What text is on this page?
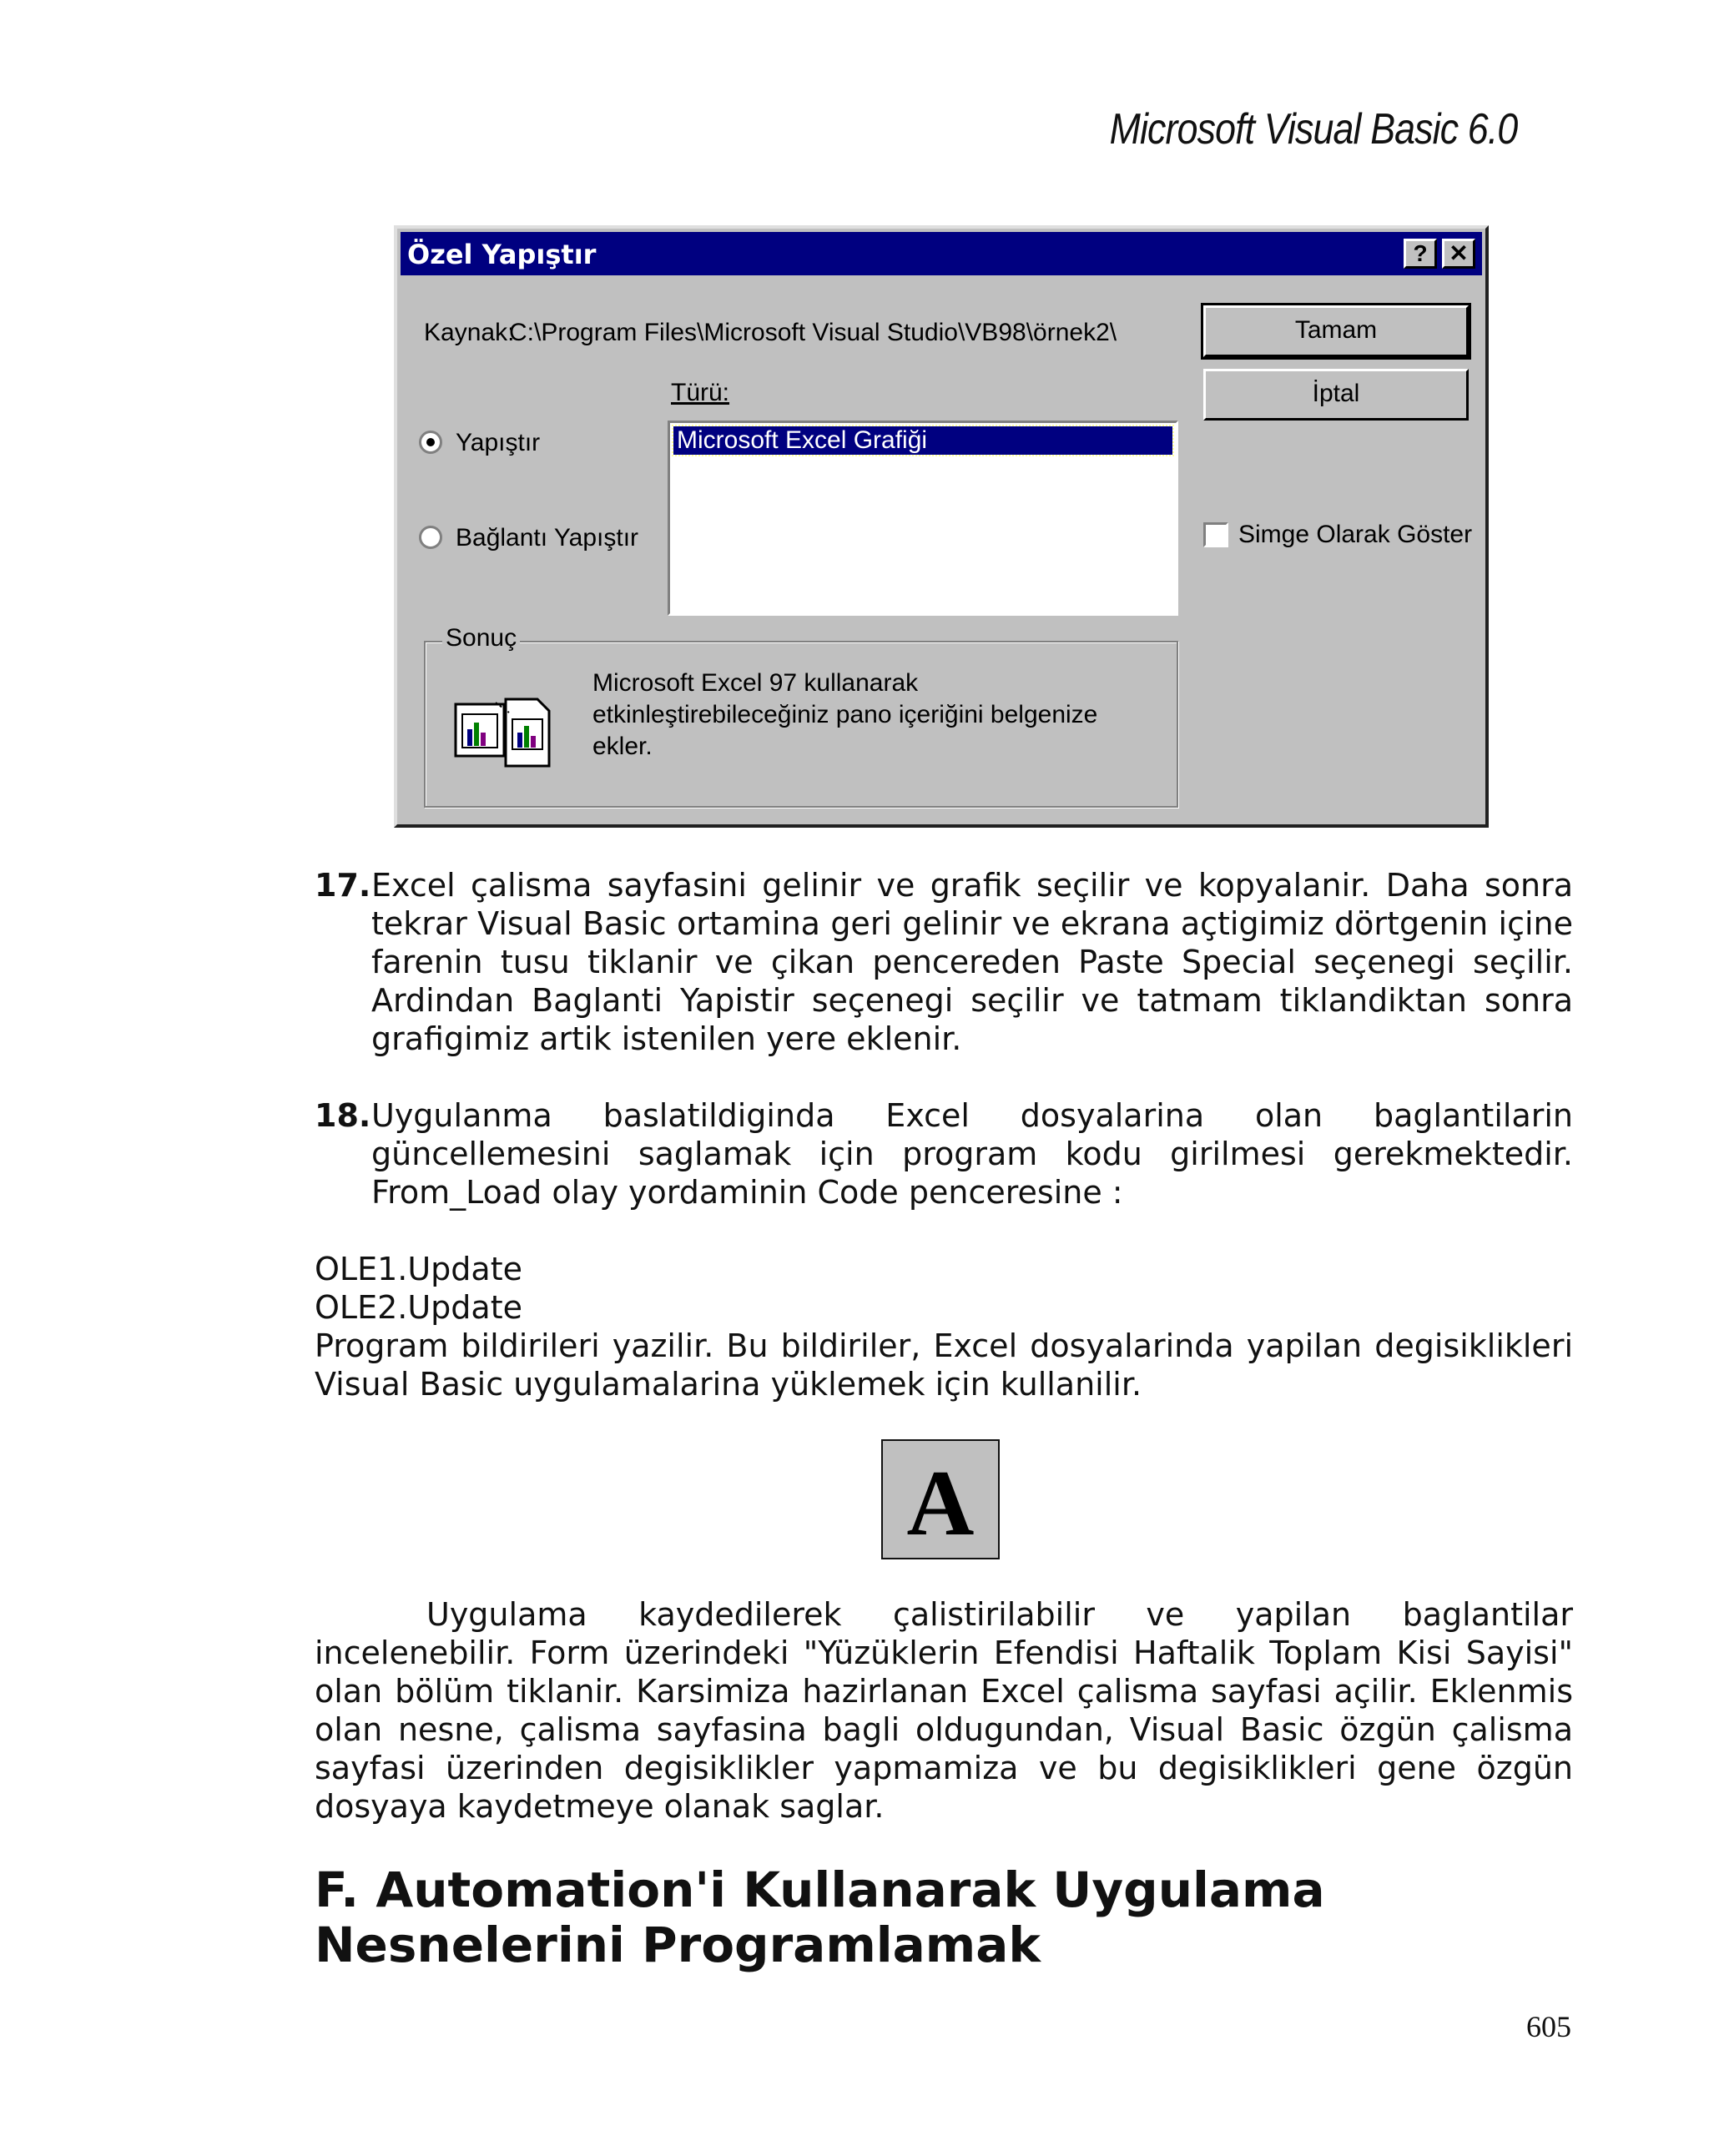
Microsoft Visual Basic 6.0
Özel Yapıştır	? ✕
Kaynak:
C:\Program Files\Microsoft Visual Studio\VB98\örnek2\
Türü:
Yapıştır
Bağlantı Yapıştır
Microsoft Excel Grafiği
Tamam
İptal
Simge Olarak Göster
Sonuç
Microsoft Excel 97 kullanarak
etkinleştirebileceğiniz pano içeriğini belgenize
ekler.
17. Excel çalisma sayfasini gelinir ve grafik seçilir ve kopyalanir. Daha sonra tekrar Visual Basic ortamina geri gelinir ve ekrana açtigimiz dörtgenin içine farenin tusu tiklanir ve çikan pencereden Paste Special seçenegi seçilir. Ardindan Baglanti Yapistir seçenegi seçilir ve tatmam tiklandiktan sonra grafigimiz artik istenilen yere eklenir.
18. Uygulanma baslatildiginda Excel dosyalarina olan baglantilarin güncellemesini saglamak için program kodu girilmesi gerekmektedir. From_Load olay yordaminin Code penceresine :
OLE1.Update
OLE2.Update
Program bildirileri yazilir. Bu bildiriler, Excel dosyalarinda yapilan degisiklikleri Visual Basic uygulamalarina yüklemek için kullanilir.
A
Uygulama kaydedilerek çalistirilabilir ve yapilan baglantilar incelenebilir. Form üzerindeki "Yüzüklerin Efendisi Haftalik Toplam Kisi Sayisi" olan bölüm tiklanir. Karsimiza hazirlanan Excel çalisma sayfasi açilir. Eklenmis olan nesne, çalisma sayfasina bagli oldugundan, Visual Basic özgün çalisma sayfasi üzerinden degisiklikler yapmamiza ve bu degisiklikleri gene özgün dosyaya kaydetmeye olanak saglar.
F. Automation'i Kullanarak Uygulama Nesnelerini Programlamak
605
